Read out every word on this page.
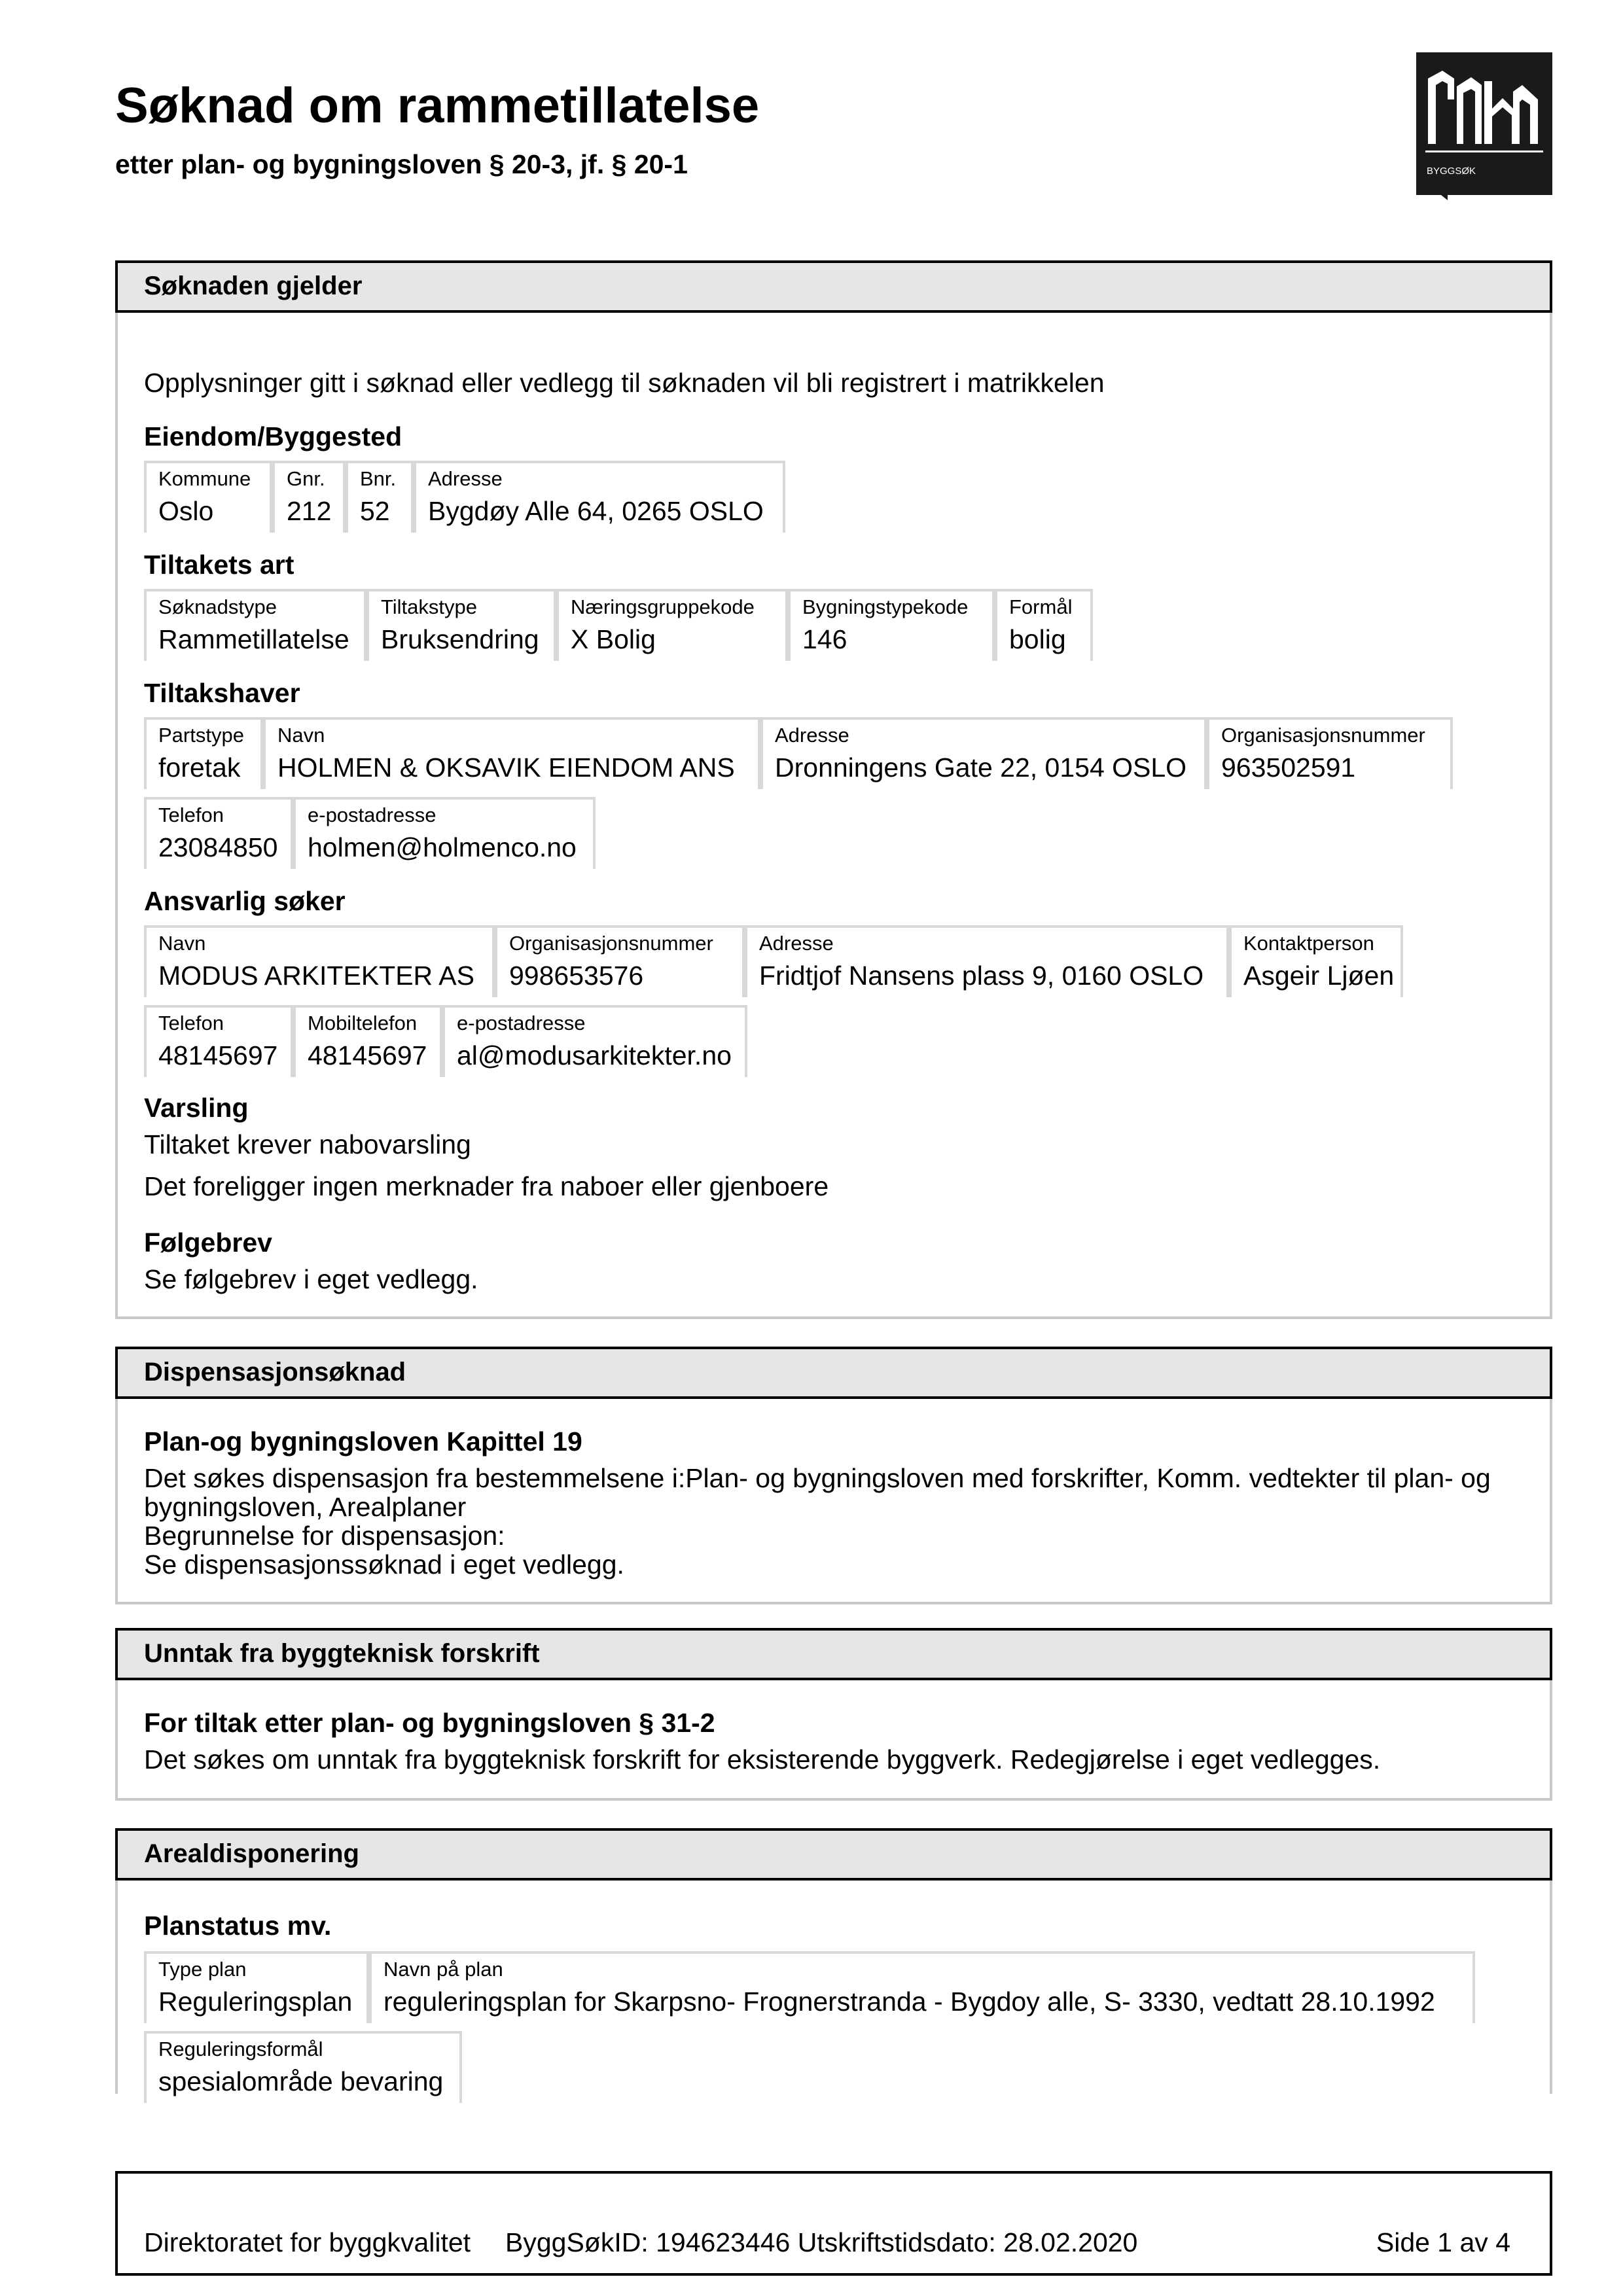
Søknad om rammetillatelse
etter plan- og bygningsloven § 20-3, jf. § 20-1	BYGGSØK
Søknaden gjelder
Opplysninger gitt i søknad eller vedlegg til søknaden vil bli registrert i matrikkelen
Eiendom/Byggested
Kommune
Oslo
Gnr.
212
Bnr.
52
Adresse
Bygdøy Alle 64, 0265 OSLO
Tiltakets art
Søknadstype
Rammetillatelse
Tiltakstype
Bruksendring
Næringsgruppekode
X Bolig
Bygningstypekode
146
Formål
bolig
Tiltakshaver
Partstype
foretak
Navn
HOLMEN & OKSAVIK EIENDOM ANS
Adresse
Dronningens Gate 22, 0154 OSLO
Organisasjonsnummer
963502591
Telefon
23084850
e-postadresse
holmen@holmenco.no
Ansvarlig søker
Navn
MODUS ARKITEKTER AS
Organisasjonsnummer
998653576
Adresse
Fridtjof Nansens plass 9, 0160 OSLO
Kontaktperson
Asgeir Ljøen
Telefon
48145697
Mobiltelefon
48145697
e-postadresse
al@modusarkitekter.no
Varsling
Tiltaket krever nabovarsling
Det foreligger ingen merknader fra naboer eller gjenboere
Følgebrev
Se følgebrev i eget vedlegg.
Dispensasjonsøknad
Plan-og bygningsloven Kapittel 19
Det søkes dispensasjon fra bestemmelsene i:Plan- og bygningsloven med forskrifter, Komm. vedtekter til plan- og
bygningsloven, Arealplaner
Begrunnelse for dispensasjon:
Se dispensasjonssøknad i eget vedlegg.
Unntak fra byggteknisk forskrift
For tiltak etter plan- og bygningsloven § 31-2
Det søkes om unntak fra byggteknisk forskrift for eksisterende byggverk. Redegjørelse i eget vedlegges.
Arealdisponering
Planstatus mv.
Type plan
Reguleringsplan
Navn på plan
reguleringsplan for Skarpsno- Frognerstranda - Bygdoy alle, S- 3330, vedtatt 28.10.1992
Reguleringsformål
spesialområde bevaring
Direktoratet for byggkvalitet ByggSøkID: 194623446 Utskriftstidsdato: 28.02.2020	Side 1 av 4
